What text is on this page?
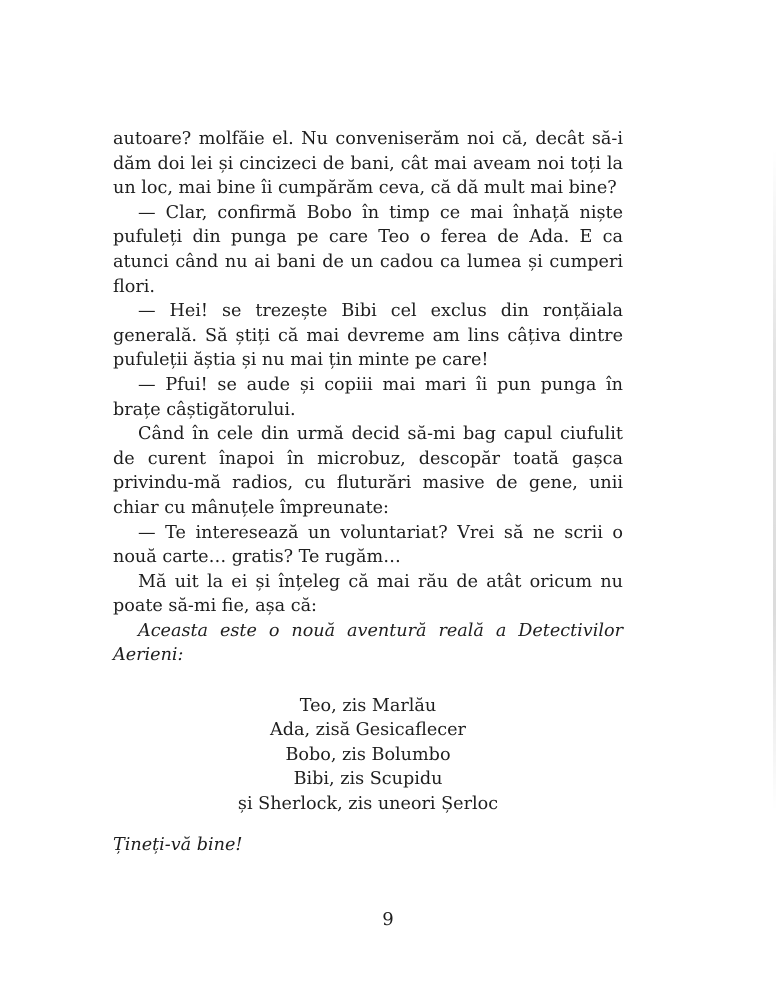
autoare? molfăie el. Nu conveniserăm noi că, decât să-i dăm doi lei și cincizeci de bani, cât mai aveam noi toți la un loc, mai bine îi cumpărăm ceva, că dă mult mai bine?

— Clar, confirmă Bobo în timp ce mai înhață niște pufuleți din punga pe care Teo o ferea de Ada. E ca atunci când nu ai bani de un cadou ca lumea și cumperi flori.

— Hei! se trezește Bibi cel exclus din ronțăiala generală. Să știți că mai devreme am lins câțiva dintre pufuleții ăștia și nu mai țin minte pe care!

— Pfui! se aude și copiii mai mari îi pun punga în brațe câștigătorului.

Când în cele din urmă decid să-mi bag capul ciufulit de curent înapoi în microbuz, descopăr toată gașca privindu-mă radios, cu fluturări masive de gene, unii chiar cu mânuțele împreunate:

— Te interesează un voluntariat? Vrei să ne scrii o nouă carte… gratis? Te rugăm…

Mă uit la ei și înțeleg că mai rău de atât oricum nu poate să-mi fie, așa că:

Aceasta este o nouă aventură reală a Detectivilor Aerieni:

Teo, zis Marlău
Ada, zisă Gesicaflecer
Bobo, zis Bolumbo
Bibi, zis Scupidu
și Sherlock, zis uneori Șerloc
Țineți-vă bine!
9
